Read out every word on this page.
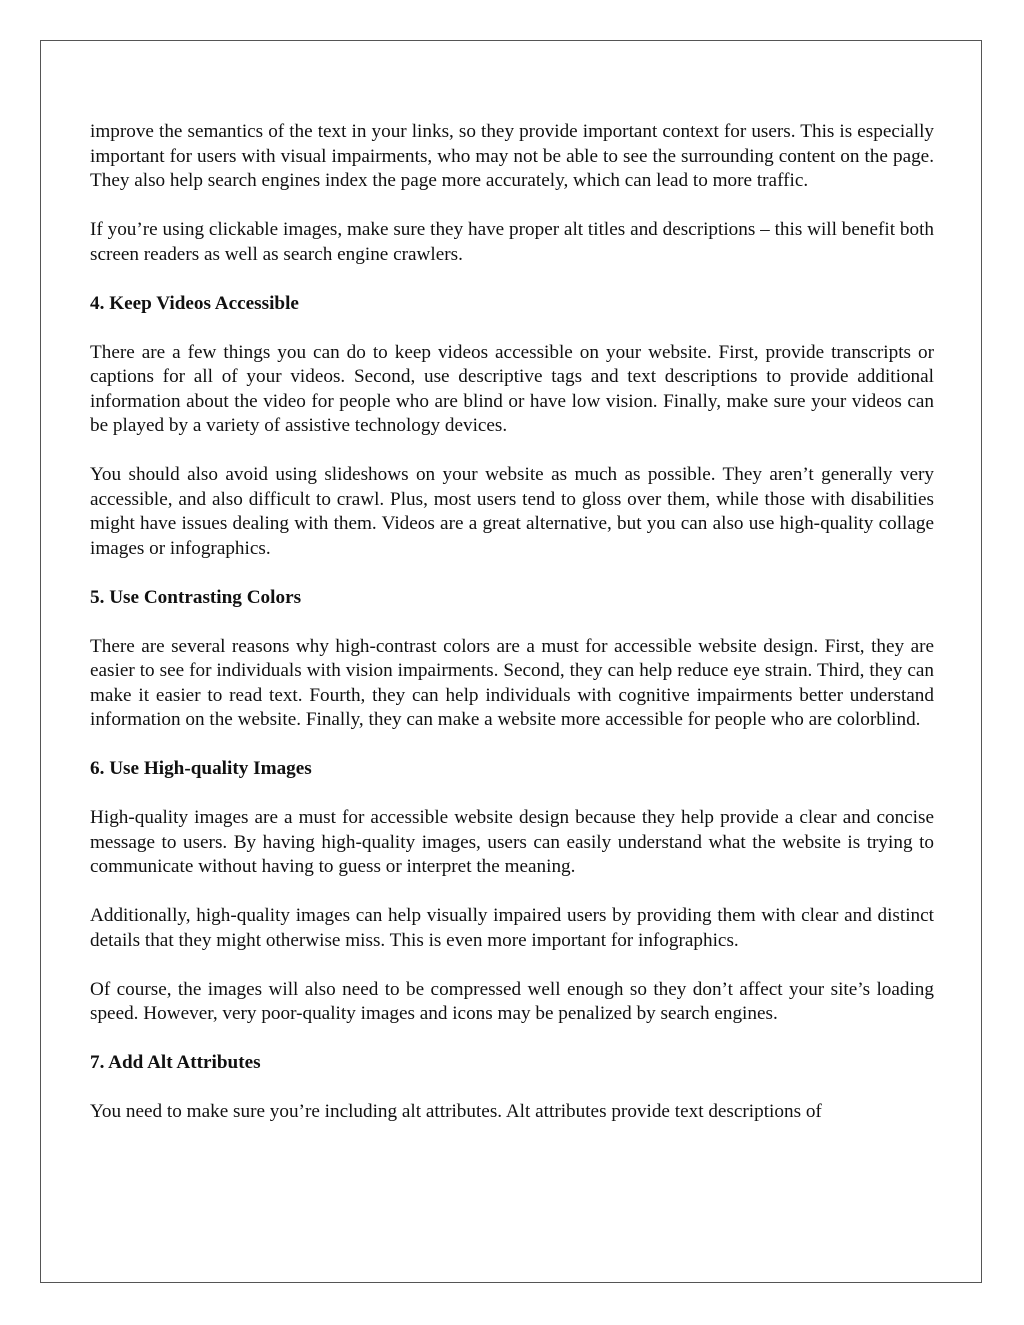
improve the semantics of the text in your links, so they provide important context for users. This is especially important for users with visual impairments, who may not be able to see the surrounding content on the page. They also help search engines index the page more accurately, which can lead to more traffic.

If you’re using clickable images, make sure they have proper alt titles and descriptions – this will benefit both screen readers as well as search engine crawlers.

4. Keep Videos Accessible

There are a few things you can do to keep videos accessible on your website. First, provide transcripts or captions for all of your videos. Second, use descriptive tags and text descriptions to provide additional information about the video for people who are blind or have low vision. Finally, make sure your videos can be played by a variety of assistive technology devices.

You should also avoid using slideshows on your website as much as possible. They aren’t generally very accessible, and also difficult to crawl. Plus, most users tend to gloss over them, while those with disabilities might have issues dealing with them. Videos are a great alternative, but you can also use high-quality collage images or infographics.

5. Use Contrasting Colors

There are several reasons why high-contrast colors are a must for accessible website design. First, they are easier to see for individuals with vision impairments. Second, they can help reduce eye strain. Third, they can make it easier to read text. Fourth, they can help individuals with cognitive impairments better understand information on the website. Finally, they can make a website more accessible for people who are colorblind.

6. Use High-quality Images

High-quality images are a must for accessible website design because they help provide a clear and concise message to users. By having high-quality images, users can easily understand what the website is trying to communicate without having to guess or interpret the meaning.

Additionally, high-quality images can help visually impaired users by providing them with clear and distinct details that they might otherwise miss. This is even more important for infographics.

Of course, the images will also need to be compressed well enough so they don’t affect your site’s loading speed. However, very poor-quality images and icons may be penalized by search engines.

7. Add Alt Attributes

You need to make sure you’re including alt attributes. Alt attributes provide text descriptions of
